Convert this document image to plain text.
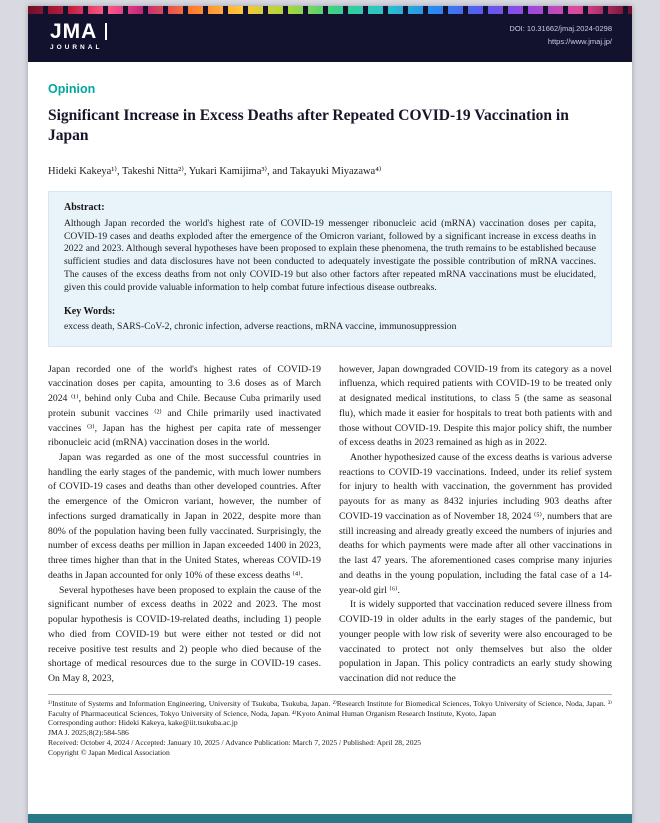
JMA
JOURNAL
DOI: 10.31662/jmaj.2024-0298
https://www.jmaj.jp/
Opinion
Significant Increase in Excess Deaths after Repeated COVID-19 Vaccination in Japan
Hideki Kakeya¹⁾, Takeshi Nitta²⁾, Yukari Kamijima³⁾, and Takayuki Miyazawa⁴⁾
Abstract:

Although Japan recorded the world's highest rate of COVID-19 messenger ribonucleic acid (mRNA) vaccination doses per capita, COVID-19 cases and deaths exploded after the emergence of the Omicron variant, followed by a significant increase in excess deaths in 2022 and 2023. Although several hypotheses have been proposed to explain these phenomena, the truth remains to be established because sufficient studies and data disclosures have not been conducted to adequately investigate the possible contribution of mRNA vaccines. The causes of the excess deaths from not only COVID-19 but also other factors after repeated mRNA vaccinations must be elucidated, given this could provide valuable information to help combat future infectious disease outbreaks.

Key Words:

excess death, SARS-CoV-2, chronic infection, adverse reactions, mRNA vaccine, immunosuppression

Japan recorded one of the world's highest rates of COVID-19 vaccination doses per capita, amounting to 3.6 doses as of March 2024 ⁽¹⁾, behind only Cuba and Chile. Because Cuba primarily used protein subunit vaccines ⁽²⁾ and Chile primarily used inactivated vaccines ⁽³⁾, Japan has the highest per capita rate of messenger ribonucleic acid (mRNA) vaccination doses in the world.

Japan was regarded as one of the most successful countries in handling the early stages of the pandemic, with much lower numbers of COVID-19 cases and deaths than other developed countries. After the emergence of the Omicron variant, however, the number of infections surged dramatically in Japan in 2022, despite more than 80% of the population having been fully vaccinated. Surprisingly, the number of excess deaths per million in Japan exceeded 1400 in 2023, three times higher than that in the United States, whereas COVID-19 deaths in Japan accounted for only 10% of these excess deaths ⁽⁴⁾.

Several hypotheses have been proposed to explain the cause of the significant number of excess deaths in 2022 and 2023. The most popular hypothesis is COVID-19-related deaths, including 1) people who died from COVID-19 but were either not tested or did not receive positive test results and 2) people who died because of the shortage of medical resources due to the surge in COVID-19 cases. On May 8, 2023,

however, Japan downgraded COVID-19 from its category as a novel influenza, which required patients with COVID-19 to be treated only at designated medical institutions, to class 5 (the same as seasonal flu), which made it easier for hospitals to treat both patients with and those without COVID-19. Despite this major policy shift, the number of excess deaths in 2023 remained as high as in 2022.

Another hypothesized cause of the excess deaths is various adverse reactions to COVID-19 vaccinations. Indeed, under its relief system for injury to health with vaccination, the government has provided payouts for as many as 8432 injuries including 903 deaths after COVID-19 vaccination as of November 18, 2024 ⁽⁵⁾, numbers that are still increasing and already greatly exceed the numbers of injuries and deaths for which payments were made after all other vaccinations in the last 47 years. The aforementioned cases comprise many injuries and deaths in the young population, including the fatal case of a 14-year-old girl ⁽⁶⁾.

It is widely supported that vaccination reduced severe illness from COVID-19 in older adults in the early stages of the pandemic, but younger people with low risk of severity were also encouraged to be vaccinated to protect not only themselves but also the older population in Japan. This policy contradicts an early study showing vaccination did not reduce the

¹⁾Institute of Systems and Information Engineering, University of Tsukuba, Tsukuba, Japan. ²⁾Research Institute for Biomedical Sciences, Tokyo University of Science, Noda, Japan. ³⁾Faculty of Pharmaceutical Sciences, Tokyo University of Science, Noda, Japan. ⁴⁾Kyoto Animal Human Organism Research Institute, Kyoto, Japan

Corresponding author: Hideki Kakeya, kake@iit.tsukuba.ac.jp

JMA J. 2025;8(2):584-586

Received: October 4, 2024 / Accepted: January 10, 2025 / Advance Publication: March 7, 2025 / Published: April 28, 2025

Copyright © Japan Medical Association
